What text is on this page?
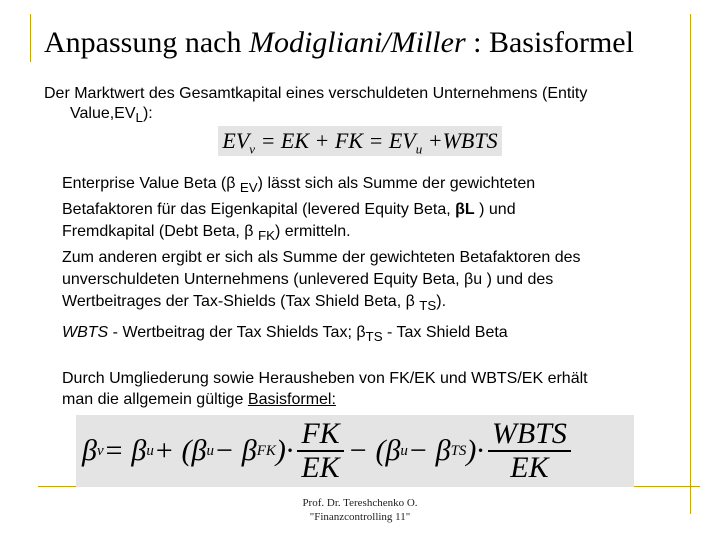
Anpassung nach Modigliani/Miller : Basisformel
Der Marktwert des Gesamtkapital eines verschuldeten Unternehmens (Entity
$Value,EV_L$):
$EV_v$ = EK + FK = $EV_u$ +WBTS
Enterprise Value Beta (β $_{EV}$) lässt sich als Summe der gewichteten
Betafaktoren für das Eigenkapital (levered Equity Beta, βL ) und
Fremdkapital (Debt Beta, β $_{FK}$) ermitteln.
Zum anderen ergibt er sich als Summe der gewichteten Betafaktoren des
unverschuldeten Unternehmens (unlevered Equity Beta, βu ) und des
Wertbeitrages der Tax-Shields (Tax Shield Beta, β $_{TS}$).
WBTS - Wertbeitrag der Tax Shields Tax; $\beta_{TS}$ - Tax Shield Beta
Durch Umgliederung sowie Herausheben von FK/EK und WBTS/EK erhält
man die allgemein gültige Basisformel:
β v = β u + (β u − β FK )· $\frac{FK}{EK} - (\beta$ u − β TS )· $\frac{\text{WBTS}}{EK}$
Prof. Dr. Tereshchenko O.
"Finanzcontrolling 11"
